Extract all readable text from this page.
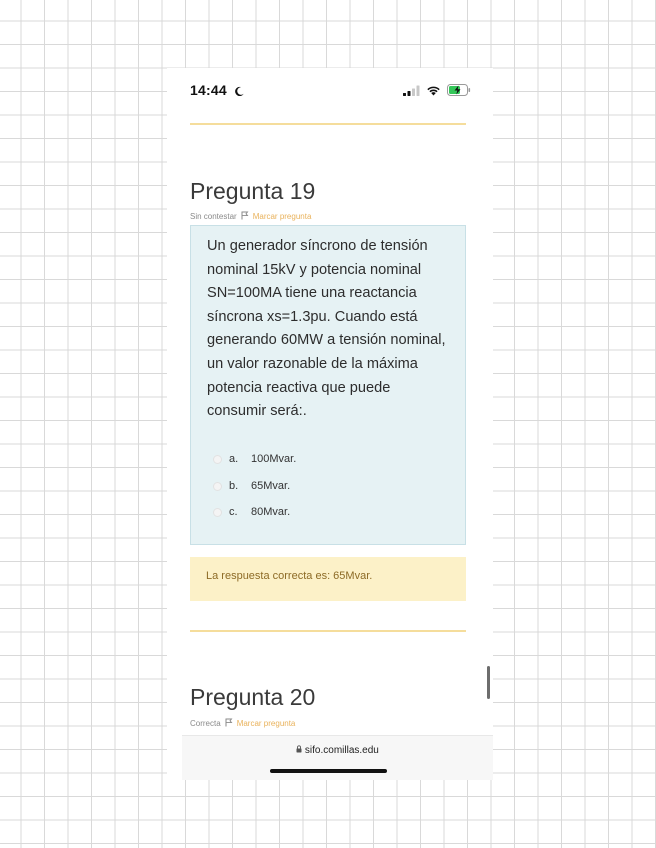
14:44
Pregunta 19
Sin contestar Marcar pregunta

Un generador síncrono de tensión nominal 15kV y potencia nominal SN=100MA tiene una reactancia síncrona xs=1.3pu. Cuando está generando 60MW a tensión nominal, un valor razonable de la máxima potencia reactiva que puede consumir será:.

a.	100Mvar.
b.	65Mvar.
c.	80Mvar.
La respuesta correcta es: 65Mvar.
Pregunta 20
Correcta Marcar pregunta
sifo.comillas.edu
